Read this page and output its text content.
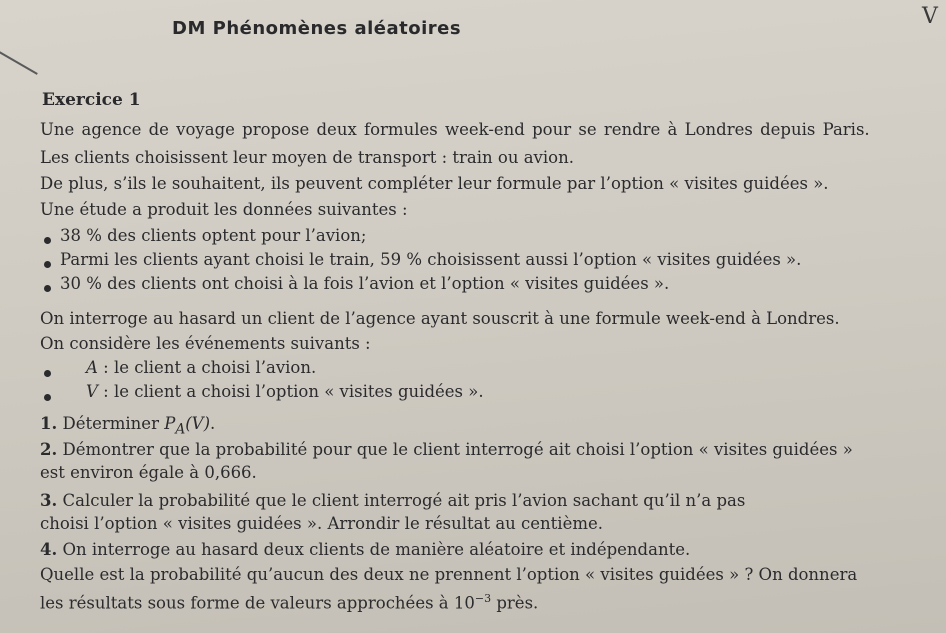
V
DM Phénomènes aléatoires
Exercice 1
Une agence de voyage propose deux formules week-end pour se rendre à Londres depuis Paris.
Les clients choisissent leur moyen de transport : train ou avion.
De plus, s’ils le souhaitent, ils peuvent compléter leur formule par l’option « visites guidées ».
Une étude a produit les données suivantes :
38 % des clients optent pour l’avion;
Parmi les clients ayant choisi le train, 59 % choisissent aussi l’option « visites guidées ».
30 % des clients ont choisi à la fois l’avion et l’option « visites guidées ».
On interroge au hasard un client de l’agence ayant souscrit à une formule week-end à Londres.
On considère les événements suivants :
A : le client a choisi l’avion.
V : le client a choisi l’option « visites guidées ».
1. Déterminer $P_A(V)$.
2. Démontrer que la probabilité pour que le client interrogé ait choisi l’option « visites guidées »
est environ égale à 0,666.
3. Calculer la probabilité que le client interrogé ait pris l’avion sachant qu’il n’a pas
choisi l’option « visites guidées ». Arrondir le résultat au centième.
4. On interroge au hasard deux clients de manière aléatoire et indépendante.
Quelle est la probabilité qu’aucun des deux ne prennent l’option « visites guidées » ? On donnera
les résultats sous forme de valeurs approchées à $10^{-3}$ près.
